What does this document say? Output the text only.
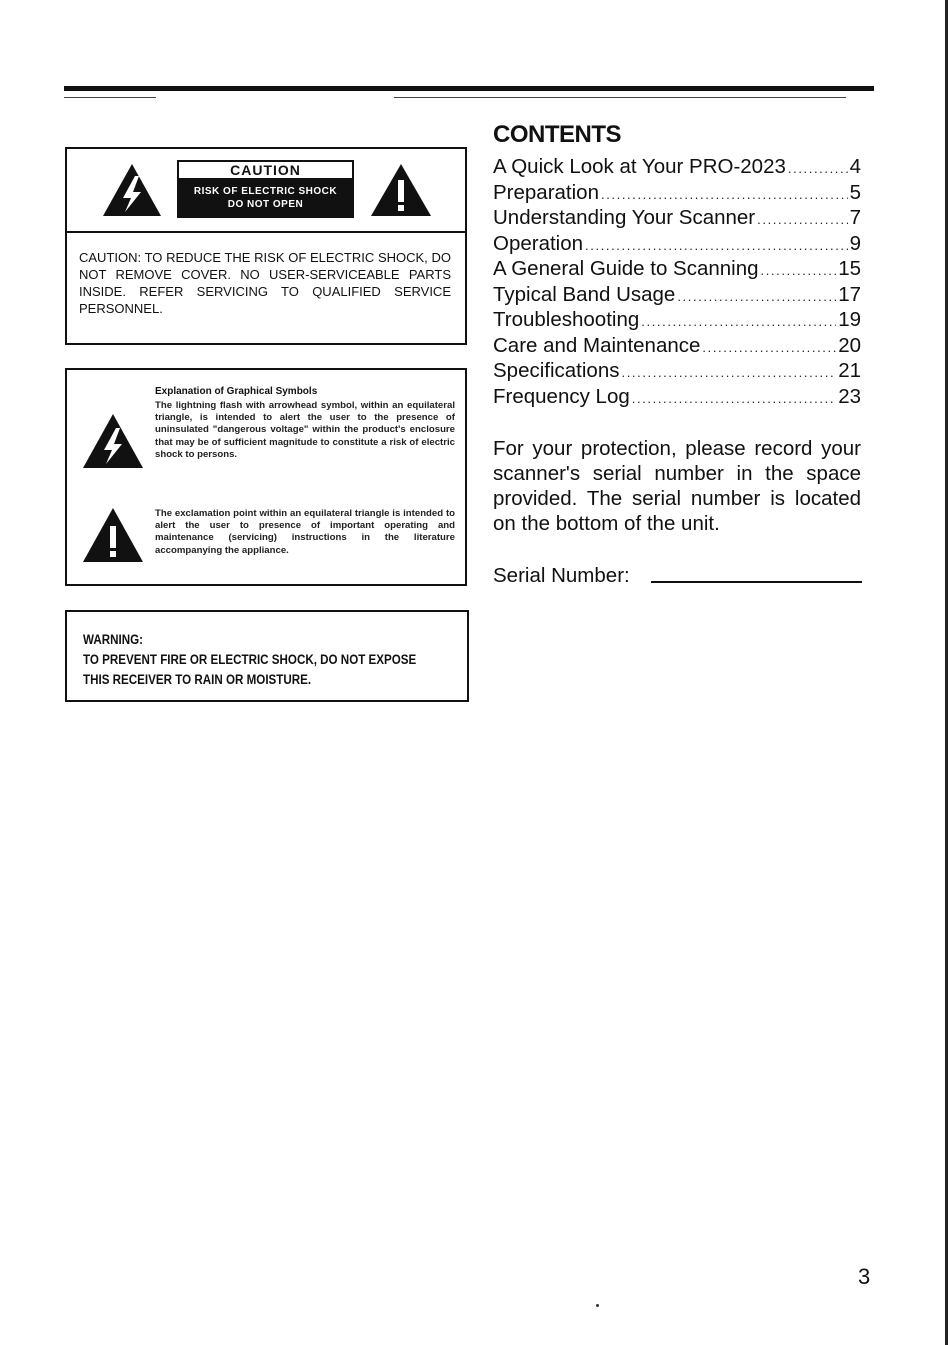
CAUTION
RISK OF ELECTRIC SHOCK
DO NOT OPEN
CAUTION: TO REDUCE THE RISK OF ELECTRIC SHOCK, DO NOT REMOVE COVER. NO USER-SERVICEABLE PARTS INSIDE. REFER SERVICING TO QUALIFIED SERVICE PERSONNEL.
Explanation of Graphical Symbols
The lightning flash with arrowhead symbol, within an equilateral triangle, is intended to alert the user to the presence of uninsulated "dangerous voltage" within the product's enclosure that may be of sufficient magnitude to constitute a risk of electric shock to persons.
The exclamation point within an equilateral triangle is intended to alert the user to presence of important operating and maintenance (servicing) instructions in the literature accompanying the appliance.
WARNING:
TO PREVENT FIRE OR ELECTRIC SHOCK, DO NOT EXPOSE
THIS RECEIVER TO RAIN OR MOISTURE.
CONTENTS
A Quick Look at Your PRO-2023 .....	4
Preparation .....	5
Understanding Your Scanner .....	7
Operation .....	9
A General Guide to Scanning .....	15
Typical Band Usage .....	17
Troubleshooting .....	19
Care and Maintenance .....	20
Specifications .....	21
Frequency Log .....	23
For your protection, please record your scanner's serial number in the space provided. The serial number is located on the bottom of the unit.
Serial Number:
3
